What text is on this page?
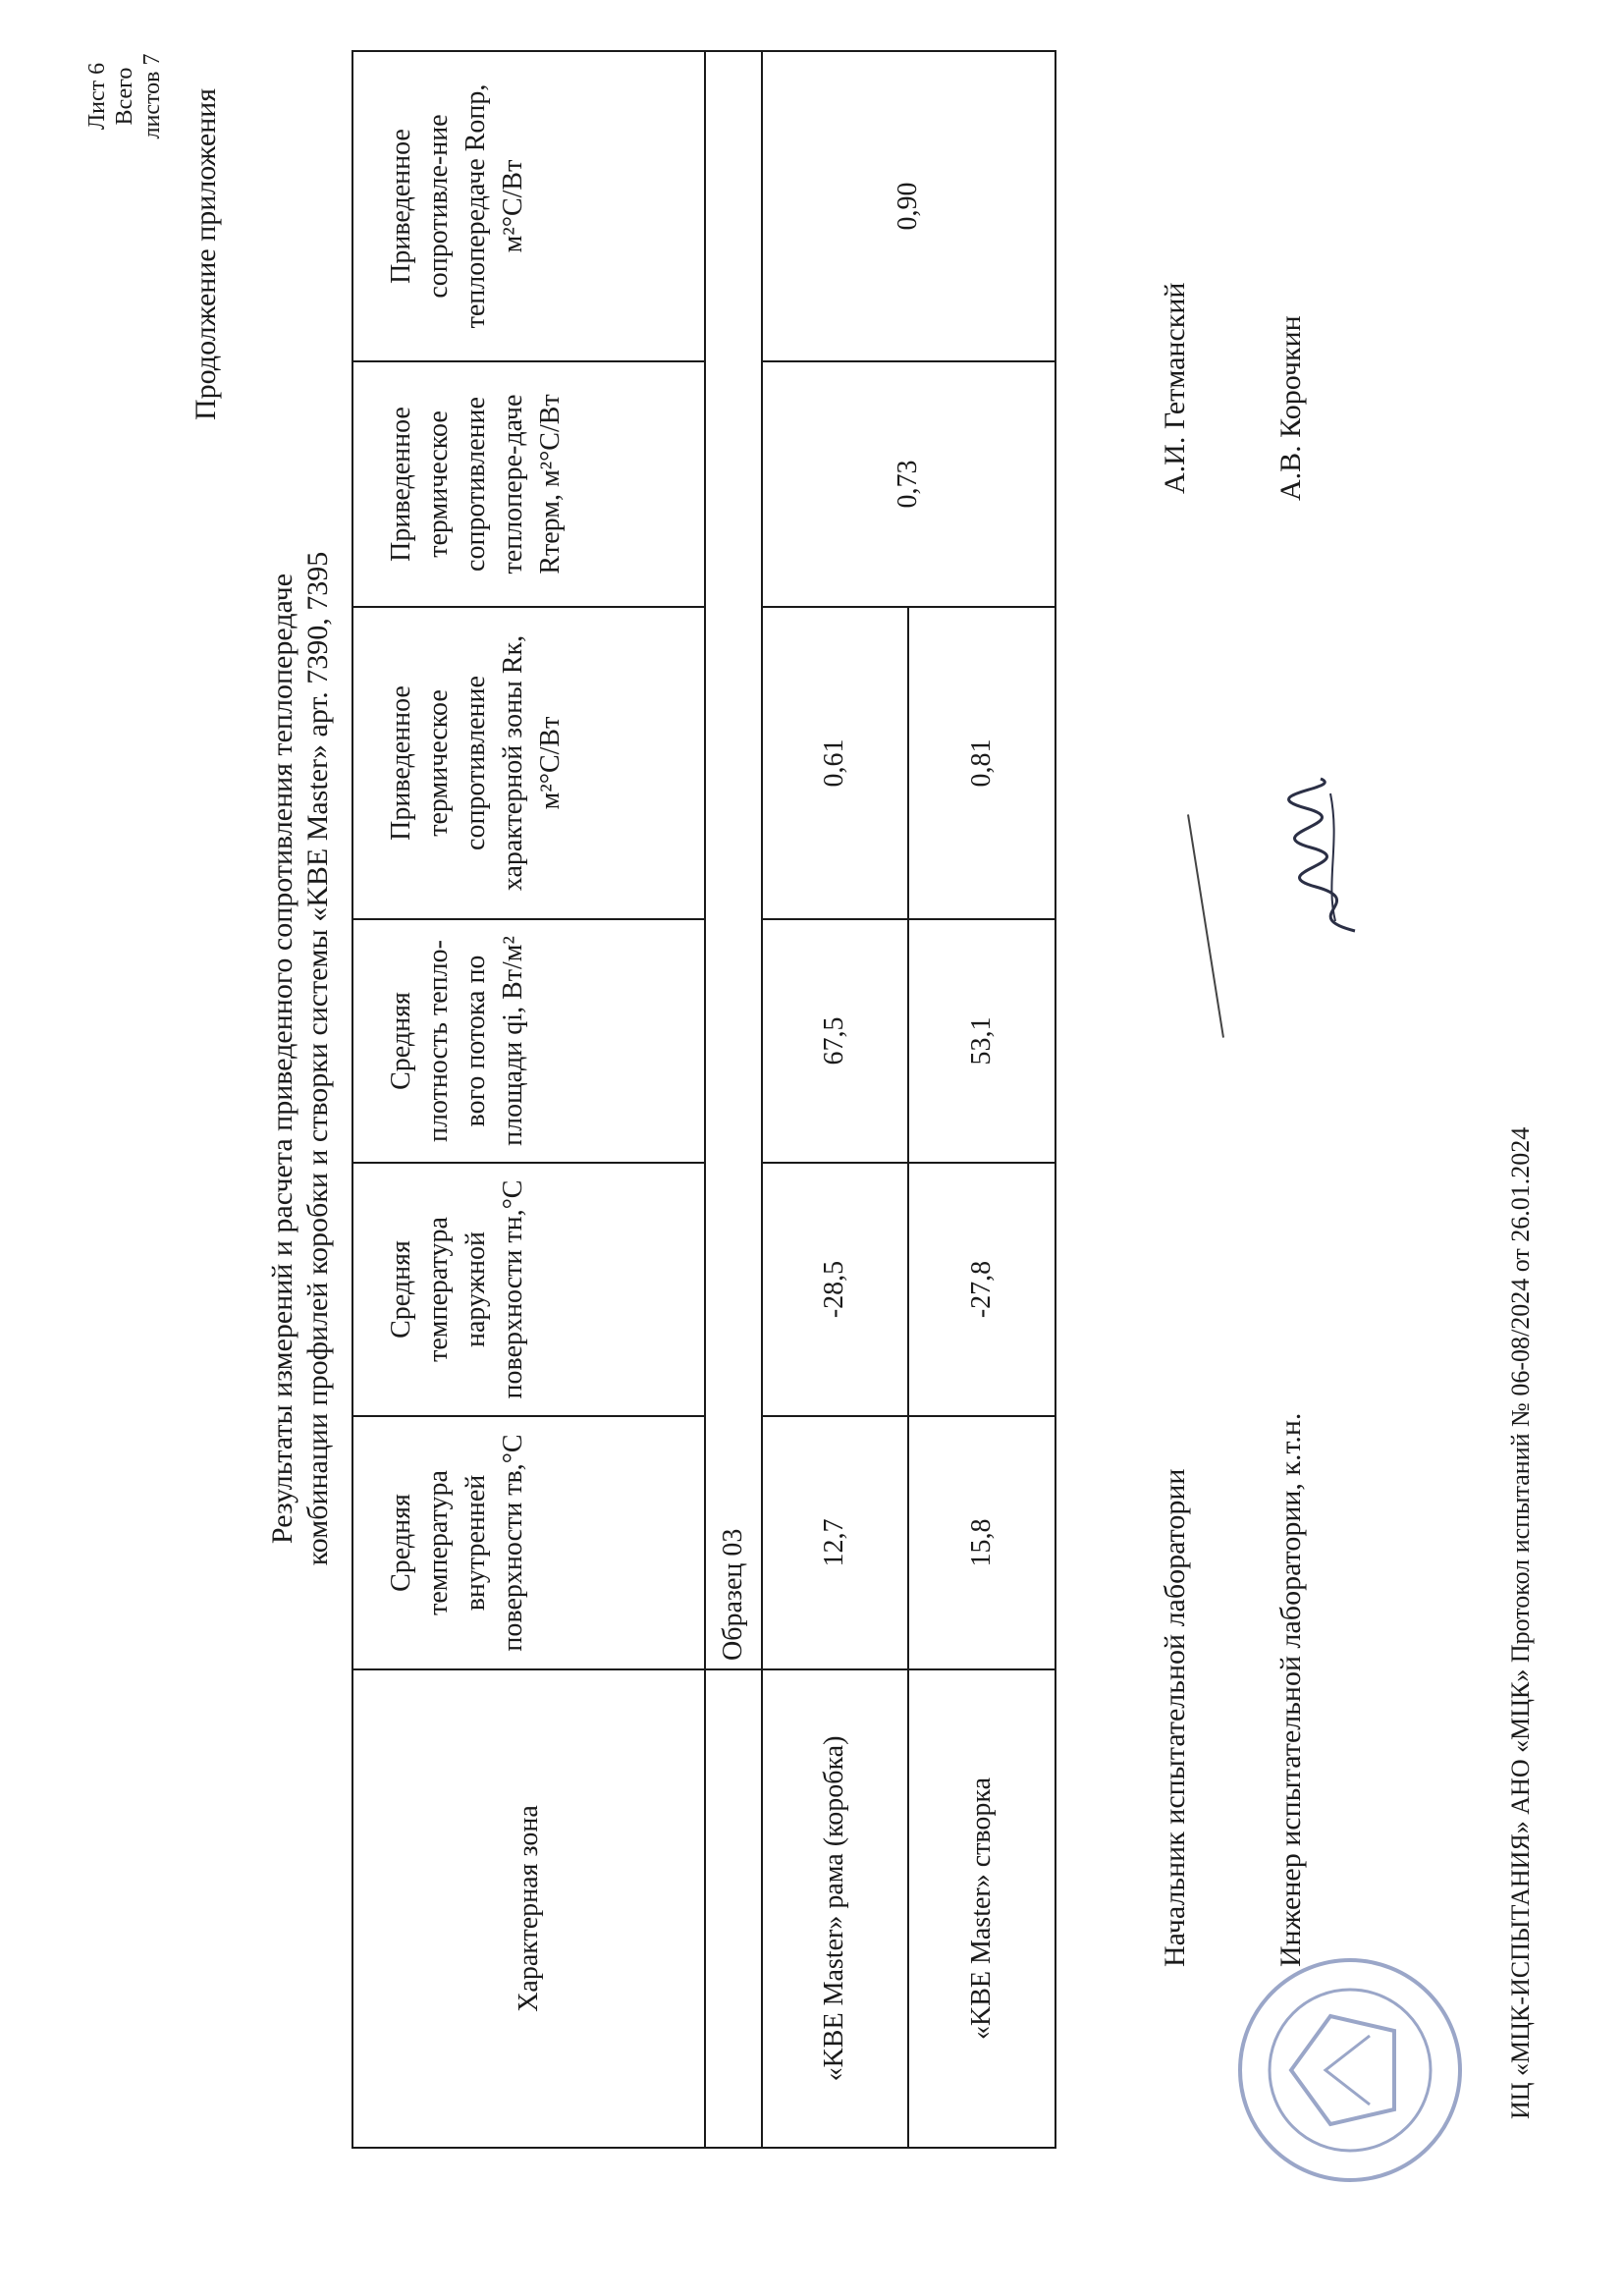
Лист 6 Всего листов 7 Продолжение приложения
Результаты измерений и расчета приведенного сопротивления теплопередаче комбинации профилей коробки и створки системы «KBE Master» арт. 7390, 7395
Характерная зона	Средняя температура внутренней поверхности тв,°С	Средняя температура наружной поверхности тн,°С	Средняя плотность тепло-вого потока по площади qi, Вт/м²	Приведенное термическое сопротивление характерной зоны Rк, м²°С/Вт	Приведенное термическое сопротивление теплопере-даче Rтерм, м²°С/Вт	Приведенное сопротивле-ние теплопередаче Rопр, м²°С/Вт
	Образец 03					
«KBE Master» рама (коробка)	12,7	-28,5	67,5	0,61	0,73	0,90
«KBE Master» створка	15,8	-27,8	53,1	0,81		
Начальник испытательной лаборатории
А.И. Гетманский
Инженер испытательной лаборатории, к.т.н.
А.В. Корочкин
ИЦ «МЦК-ИСПЫТАНИЯ» АНО «МЦК» Протокол испытаний № 06-08/2024 от 26.01.2024
